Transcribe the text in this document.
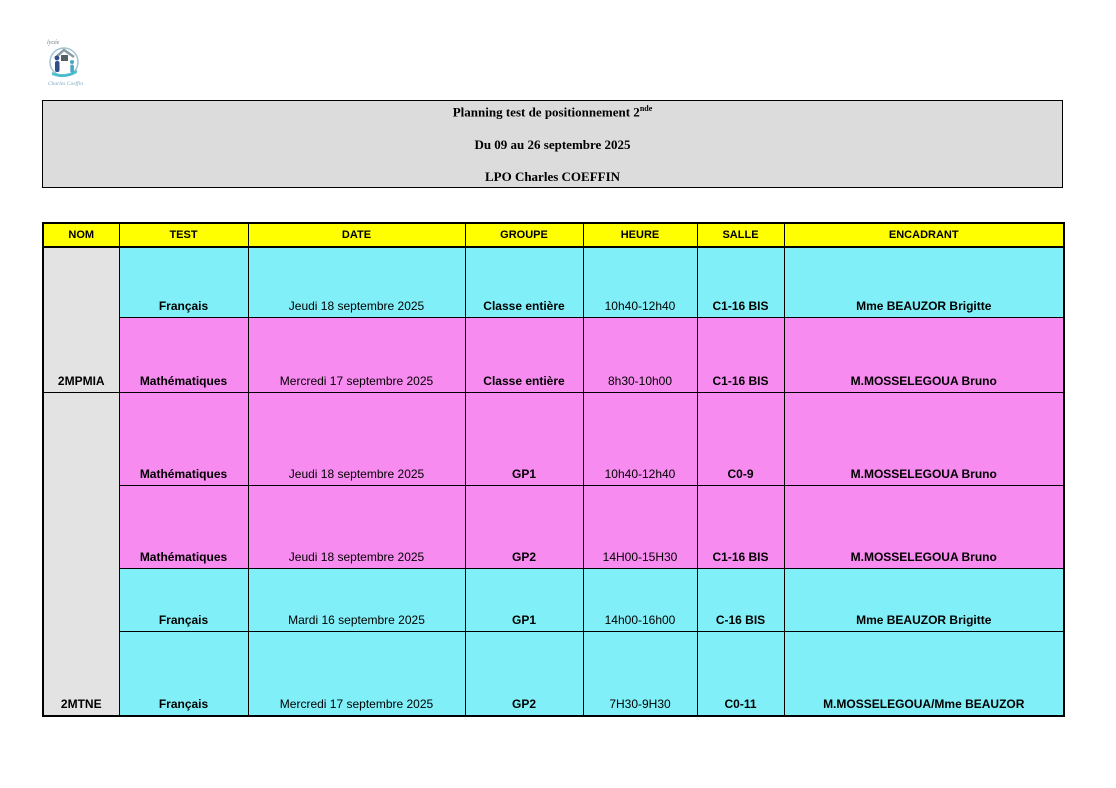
lycée
Charles Coeffin
Planning test de positionnement 2nde
Du 09 au 26 septembre 2025
LPO Charles COEFFIN
NOM	TEST	DATE	GROUPE	HEURE	SALLE	ENCADRANT
2MPMIA	Français	Jeudi 18 septembre 2025	Classe entière	10h40-12h40	C1-16 BIS	Mme BEAUZOR Brigitte
	Mathématiques	Mercredi 17 septembre 2025	Classe entière	8h30-10h00	C1-16 BIS	M.MOSSELEGOUA Bruno
2MTNE	Mathématiques	Jeudi 18 septembre 2025	GP1	10h40-12h40	C0-9	M.MOSSELEGOUA Bruno
	Mathématiques	Jeudi 18 septembre 2025	GP2	14H00-15H30	C1-16 BIS	M.MOSSELEGOUA Bruno
	Français	Mardi 16 septembre 2025	GP1	14h00-16h00	C-16 BIS	Mme BEAUZOR Brigitte
	Français	Mercredi 17 septembre 2025	GP2	7H30-9H30	C0-11	M.MOSSELEGOUA/Mme BEAUZOR
